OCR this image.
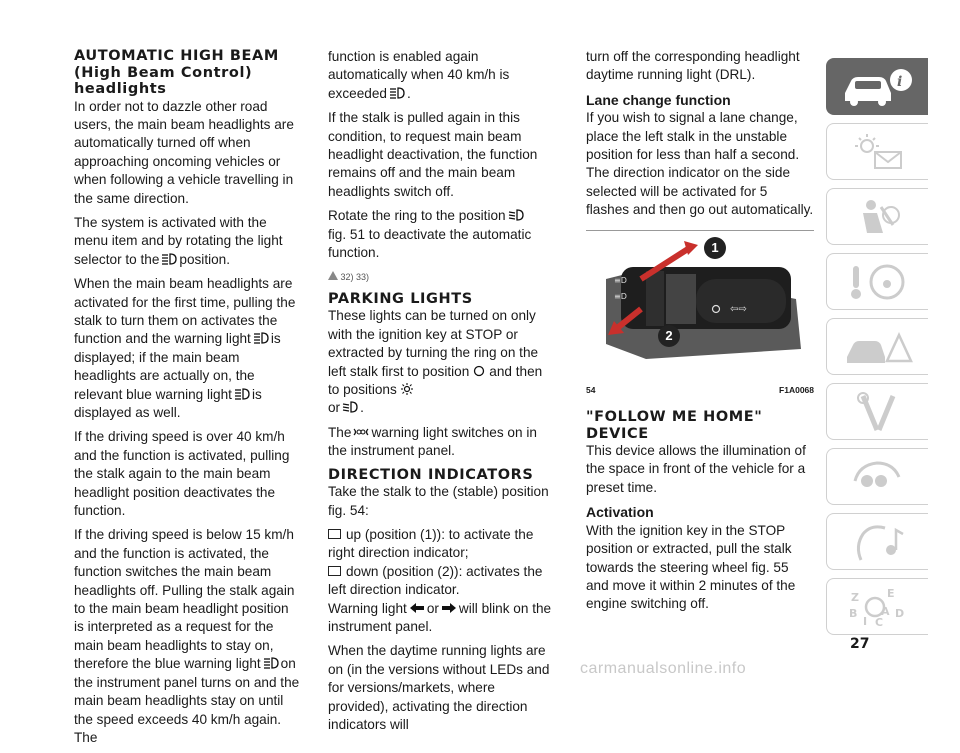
AUTOMATIC HIGH BEAM (High Beam Control) headlights

In order not to dazzle other road users, the main beam headlights are automatically turned off when approaching oncoming vehicles or when following a vehicle travelling in the same direction.

The system is activated with the menu item and by rotating the light selector to the position.

When the main beam headlights are activated for the first time, pulling the stalk to turn them on activates the function and the warning light is displayed; if the main beam headlights are actually on, the relevant blue warning light is displayed as well.

If the driving speed is over 40 km/h and the function is activated, pulling the stalk again to the main beam headlight position deactivates the function.

If the driving speed is below 15 km/h and the function is activated, the function switches the main beam headlights off. Pulling the stalk again to the main beam headlight position is interpreted as a request for the main beam headlights to stay on, therefore the blue warning light on the instrument panel turns on and the main beam headlights stay on until the speed exceeds 40 km/h again. The

function is enabled again automatically when 40 km/h is exceeded .

If the stalk is pulled again in this condition, to request main beam headlight deactivation, the function remains off and the main beam headlights switch off.

Rotate the ring to the position

fig. 51 to deactivate the automatic function.

32) 33)

PARKING LIGHTS

These lights can be turned on only with the ignition key at STOP or extracted by turning the ring on the left stalk first to position and then to positions

or .

The warning light switches on in the instrument panel.

DIRECTION INDICATORS

Take the stalk to the (stable) position fig. 54:

up (position (1)): to activate the right direction indicator;

down (position (2)): activates the left direction indicator.

Warning light or will blink on the instrument panel.

When the daytime running lights are on (in the versions without LEDs and for versions/markets, where provided), activating the direction indicators will

turn off the corresponding headlight daytime running light (DRL).

Lane change function

If you wish to signal a lane change, place the left stalk in the unstable position for less than half a second. The direction indicator on the side selected will be activated for 5 flashes and then go out automatically.

≡D
≡D
⇦⇨
1
2
54	F1A0068
"FOLLOW ME HOME" DEVICE

This device allows the illumination of the space in front of the vehicle for a preset time.

Activation

With the ignition key in the STOP position or extracted, pull the stalk towards the steering wheel fig. 55 and move it within 2 minutes of the engine switching off.

i
Z	E
B	D
I C
A
27
carmanualsonline.info
